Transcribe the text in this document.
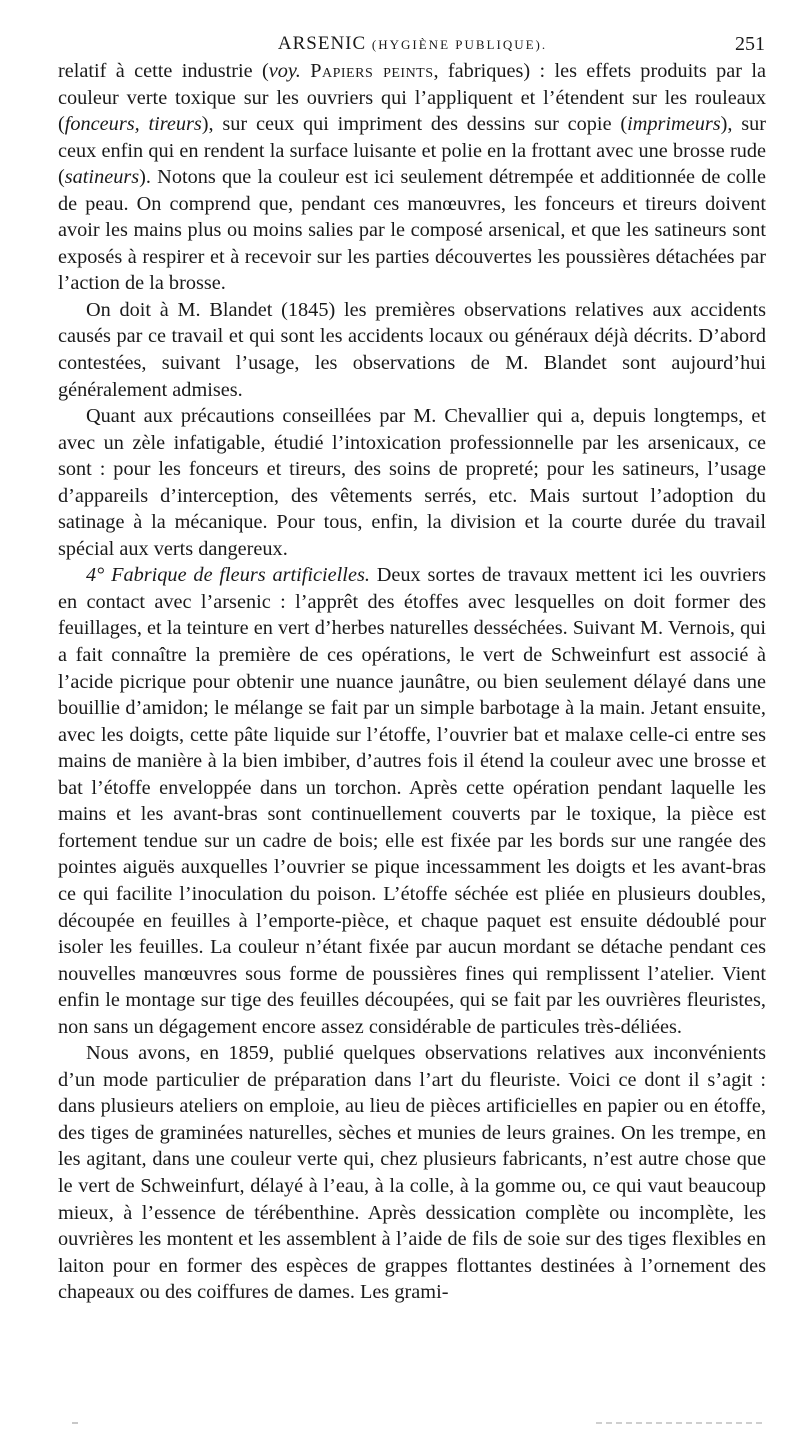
ARSENIC (HYGIÈNE PUBLIQUE).	251

relatif à cette industrie (voy. Papiers peints, fabriques) : les effets produits par la couleur verte toxique sur les ouvriers qui l’appliquent et l’étendent sur les rouleaux (fonceurs, tireurs), sur ceux qui impriment des dessins sur copie (imprimeurs), sur ceux enfin qui en rendent la surface luisante et polie en la frottant avec une brosse rude (satineurs). Notons que la couleur est ici seulement détrempée et additionnée de colle de peau. On comprend que, pendant ces manœuvres, les fonceurs et tireurs doivent avoir les mains plus ou moins salies par le composé arsenical, et que les satineurs sont exposés à respirer et à recevoir sur les parties découvertes les poussières détachées par l’action de la brosse.

On doit à M. Blandet (1845) les premières observations relatives aux accidents causés par ce travail et qui sont les accidents locaux ou généraux déjà décrits. D’abord contestées, suivant l’usage, les observations de M. Blandet sont aujourd’hui généralement admises.

Quant aux précautions conseillées par M. Chevallier qui a, depuis longtemps, et avec un zèle infatigable, étudié l’intoxication professionnelle par les arsenicaux, ce sont : pour les fonceurs et tireurs, des soins de propreté; pour les satineurs, l’usage d’appareils d’interception, des vêtements serrés, etc. Mais surtout l’adoption du satinage à la mécanique. Pour tous, enfin, la division et la courte durée du travail spécial aux verts dangereux.

4° Fabrique de fleurs artificielles. Deux sortes de travaux mettent ici les ouvriers en contact avec l’arsenic : l’apprêt des étoffes avec lesquelles on doit former des feuillages, et la teinture en vert d’herbes naturelles desséchées. Suivant M. Vernois, qui a fait connaître la première de ces opérations, le vert de Schweinfurt est associé à l’acide picrique pour obtenir une nuance jaunâtre, ou bien seulement délayé dans une bouillie d’amidon; le mélange se fait par un simple barbotage à la main. Jetant ensuite, avec les doigts, cette pâte liquide sur l’étoffe, l’ouvrier bat et malaxe celle-ci entre ses mains de manière à la bien imbiber, d’autres fois il étend la couleur avec une brosse et bat l’étoffe enveloppée dans un torchon. Après cette opération pendant laquelle les mains et les avant-bras sont continuellement couverts par le toxique, la pièce est fortement tendue sur un cadre de bois; elle est fixée par les bords sur une rangée des pointes aiguës auxquelles l’ouvrier se pique incessamment les doigts et les avant-bras ce qui facilite l’inoculation du poison. L’étoffe séchée est pliée en plusieurs doubles, découpée en feuilles à l’emporte-pièce, et chaque paquet est ensuite dédoublé pour isoler les feuilles. La couleur n’étant fixée par aucun mordant se détache pendant ces nouvelles manœuvres sous forme de poussières fines qui remplissent l’atelier. Vient enfin le montage sur tige des feuilles découpées, qui se fait par les ouvrières fleuristes, non sans un dégagement encore assez considérable de particules très-déliées.

Nous avons, en 1859, publié quelques observations relatives aux inconvénients d’un mode particulier de préparation dans l’art du fleuriste. Voici ce dont il s’agit : dans plusieurs ateliers on emploie, au lieu de pièces artificielles en papier ou en étoffe, des tiges de graminées naturelles, sèches et munies de leurs graines. On les trempe, en les agitant, dans une couleur verte qui, chez plusieurs fabricants, n’est autre chose que le vert de Schweinfurt, délayé à l’eau, à la colle, à la gomme ou, ce qui vaut beaucoup mieux, à l’essence de térébenthine. Après dessication complète ou incomplète, les ouvrières les montent et les assemblent à l’aide de fils de soie sur des tiges flexibles en laiton pour en former des espèces de grappes flottantes destinées à l’ornement des chapeaux ou des coiffures de dames. Les grami-
